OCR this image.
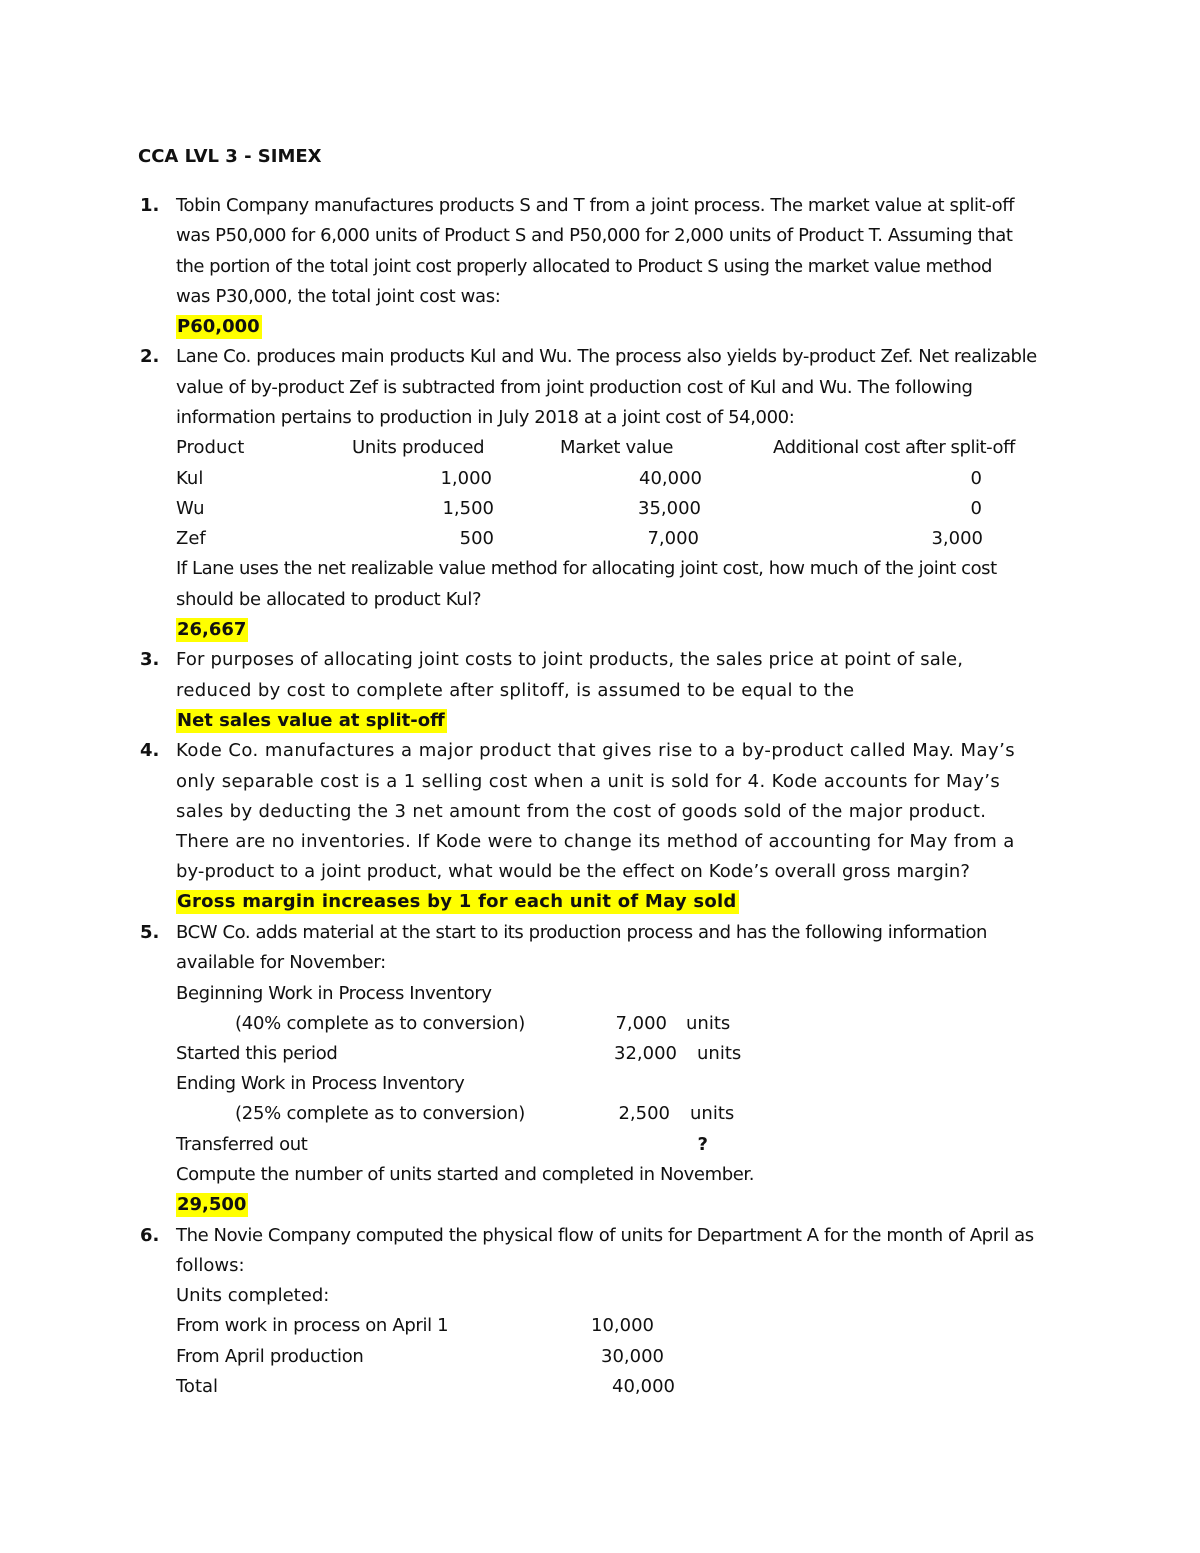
CCA LVL 3 - SIMEX
1. Tobin Company manufactures products S and T from a joint process. The market value at split-off
was P50,000 for 6,000 units of Product S and P50,000 for 2,000 units of Product T. Assuming that
the portion of the total joint cost properly allocated to Product S using the market value method
was P30,000, the total joint cost was:
P60,000
2. Lane Co. produces main products Kul and Wu. The process also yields by-product Zef. Net realizable
value of by-product Zef is subtracted from joint production cost of Kul and Wu. The following
information pertains to production in July 2018 at a joint cost of 54,000:
Product	Units produced	Market value	Additional cost after split-off
Kul	1,000	40,000	0
Wu	1,500	35,000	0
Zef	500	7,000	3,000
If Lane uses the net realizable value method for allocating joint cost, how much of the joint cost
should be allocated to product Kul?
26,667
3. For purposes of allocating joint costs to joint products, the sales price at point of sale,
reduced by cost to complete after splitoff, is assumed to be equal to the
Net sales value at split-off
4. Kode Co. manufactures a major product that gives rise to a by-product called May. May’s
only separable cost is a 1 selling cost when a unit is sold for 4. Kode accounts for May’s
sales by deducting the 3 net amount from the cost of goods sold of the major product.
There are no inventories. If Kode were to change its method of accounting for May from a
by-product to a joint product, what would be the effect on Kode’s overall gross margin?
Gross margin increases by 1 for each unit of May sold
5. BCW Co. adds material at the start to its production process and has the following information
available for November:
Beginning Work in Process Inventory
(40% complete as to conversion)	7,000 units
Started this period	32,000 units
Ending Work in Process Inventory
(25% complete as to conversion)	2,500 units
Transferred out	?
Compute the number of units started and completed in November.
29,500
6. The Novie Company computed the physical flow of units for Department A for the month of April as
follows:
Units completed:
From work in process on April 1	10,000
From April production	30,000
Total	40,000
